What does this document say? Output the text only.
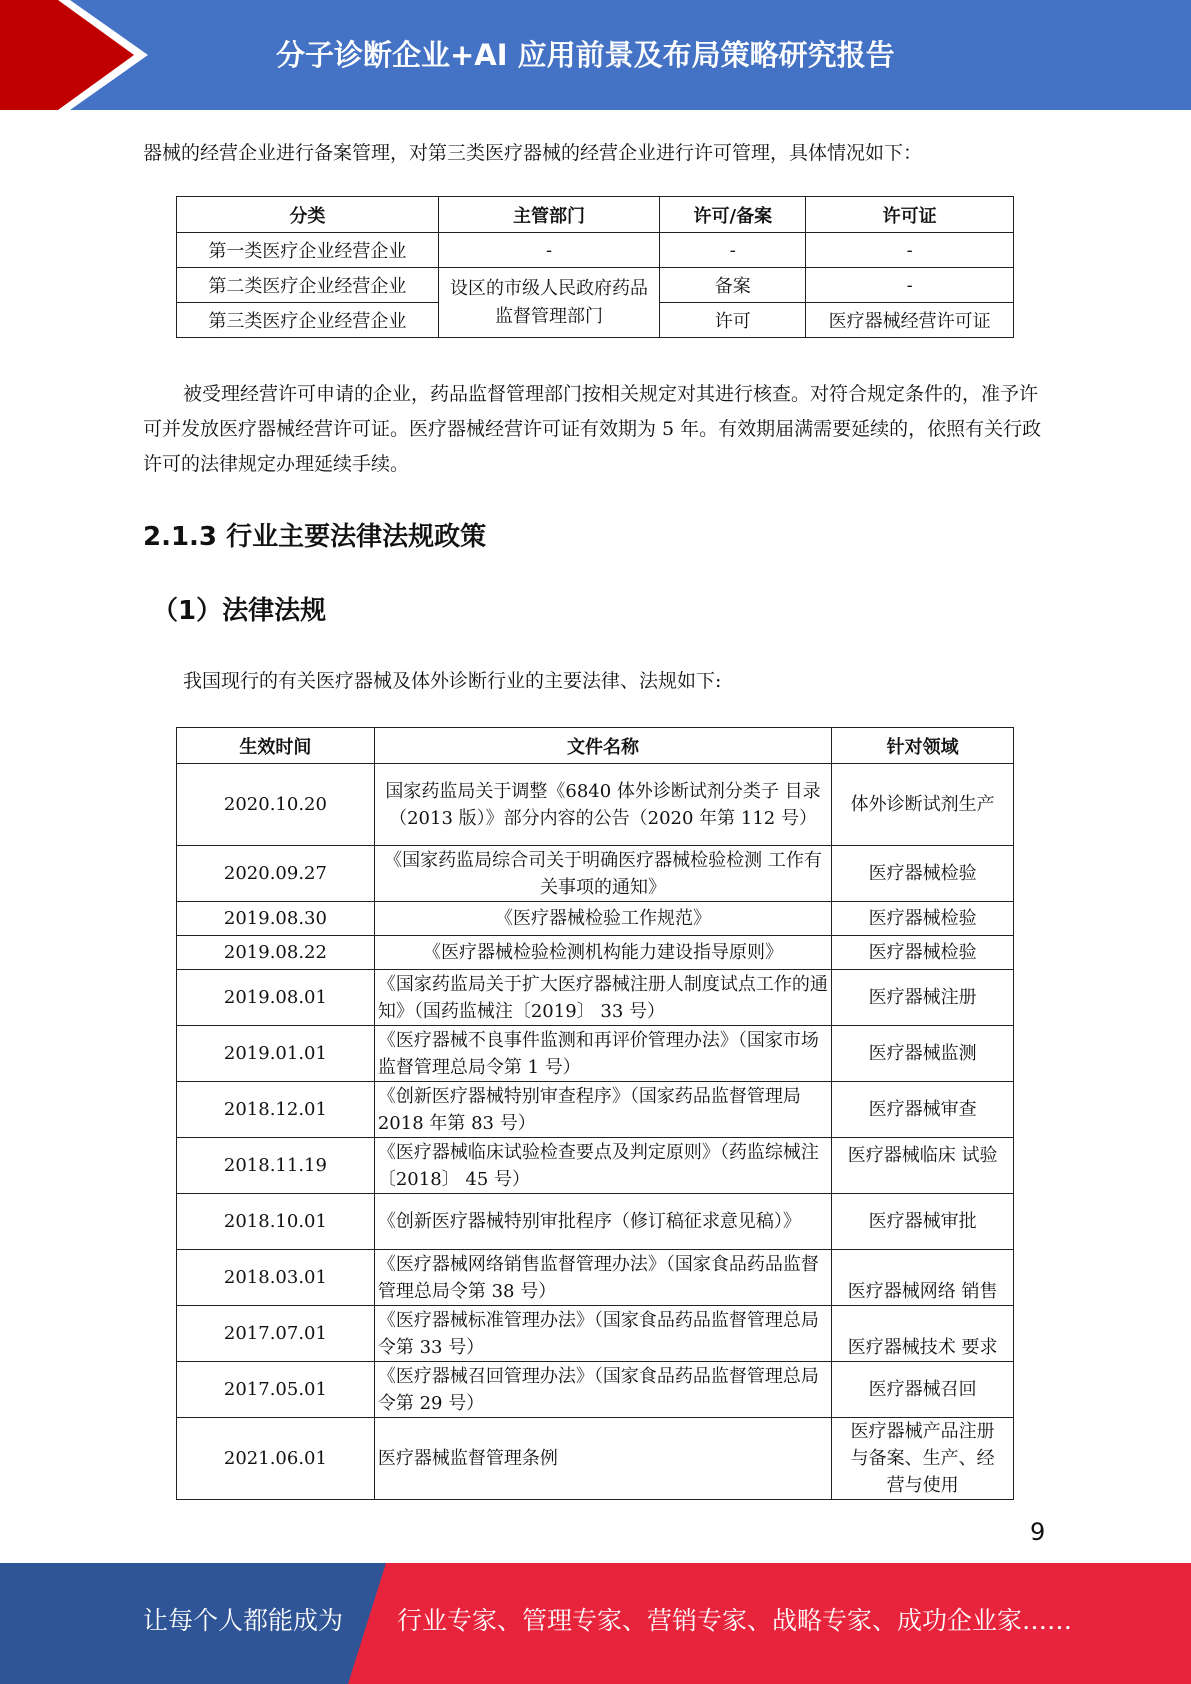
分子诊断企业+AI 应用前景及布局策略研究报告

器械的经营企业进行备案管理，对第三类医疗器械的经营企业进行许可管理，具体情况如下：

分类	主管部门	许可/备案	许可证
第一类医疗企业经营企业	-	-	-
第二类医疗企业经营企业	设区的市级人民政府药品监督管理部门	备案	-
第三类医疗企业经营企业		许可	医疗器械经营许可证

被受理经营许可申请的企业，药品监督管理部门按相关规定对其进行核查。对符合规定条件的，准予许可并发放医疗器械经营许可证。医疗器械经营许可证有效期为 5 年。有效期届满需要延续的，依照有关行政许可的法律规定办理延续手续。

2.1.3 行业主要法律法规政策
（1）法律法规

我国现行的有关医疗器械及体外诊断行业的主要法律、法规如下:

生效时间	文件名称	针对领域
2020.10.20	国家药监局关于调整《6840 体外诊断试剂分类子 目录（2013 版）》部分内容的公告（2020 年第 112 号）	体外诊断试剂生产
2020.09.27	《国家药监局综合司关于明确医疗器械检验检测 工作有关事项的通知》	医疗器械检验
2019.08.30	《医疗器械检验工作规范》	医疗器械检验
2019.08.22	《医疗器械检验检测机构能力建设指导原则》	医疗器械检验
2019.08.01	《国家药监局关于扩大医疗器械注册人制度试点工作的通知》（国药监械注〔2019〕 33 号）	医疗器械注册
2019.01.01	《医疗器械不良事件监测和再评价管理办法》（国家市场监督管理总局令第 1 号）	医疗器械监测
2018.12.01	《创新医疗器械特别审查程序》（国家药品监督管理局 2018 年第 83 号）	医疗器械审查
2018.11.19	《医疗器械临床试验检查要点及判定原则》（药监综械注〔2018〕 45 号）	医疗器械临床 试验
2018.10.01	《创新医疗器械特别审批程序（修订稿征求意见稿）》	医疗器械审批
2018.03.01	《医疗器械网络销售监督管理办法》（国家食品药品监督管理总局令第 38 号）	医疗器械网络 销售
2017.07.01	《医疗器械标准管理办法》（国家食品药品监督管理总局令第 33 号）	医疗器械技术 要求
2017.05.01	《医疗器械召回管理办法》（国家食品药品监督管理总局令第 29 号）	医疗器械召回
2021.06.01	医疗器械监督管理条例	医疗器械产品注册与备案、生产、经营与使用
9
让每个人都能成为 行业专家、管理专家、营销专家、战略专家、成功企业家……
